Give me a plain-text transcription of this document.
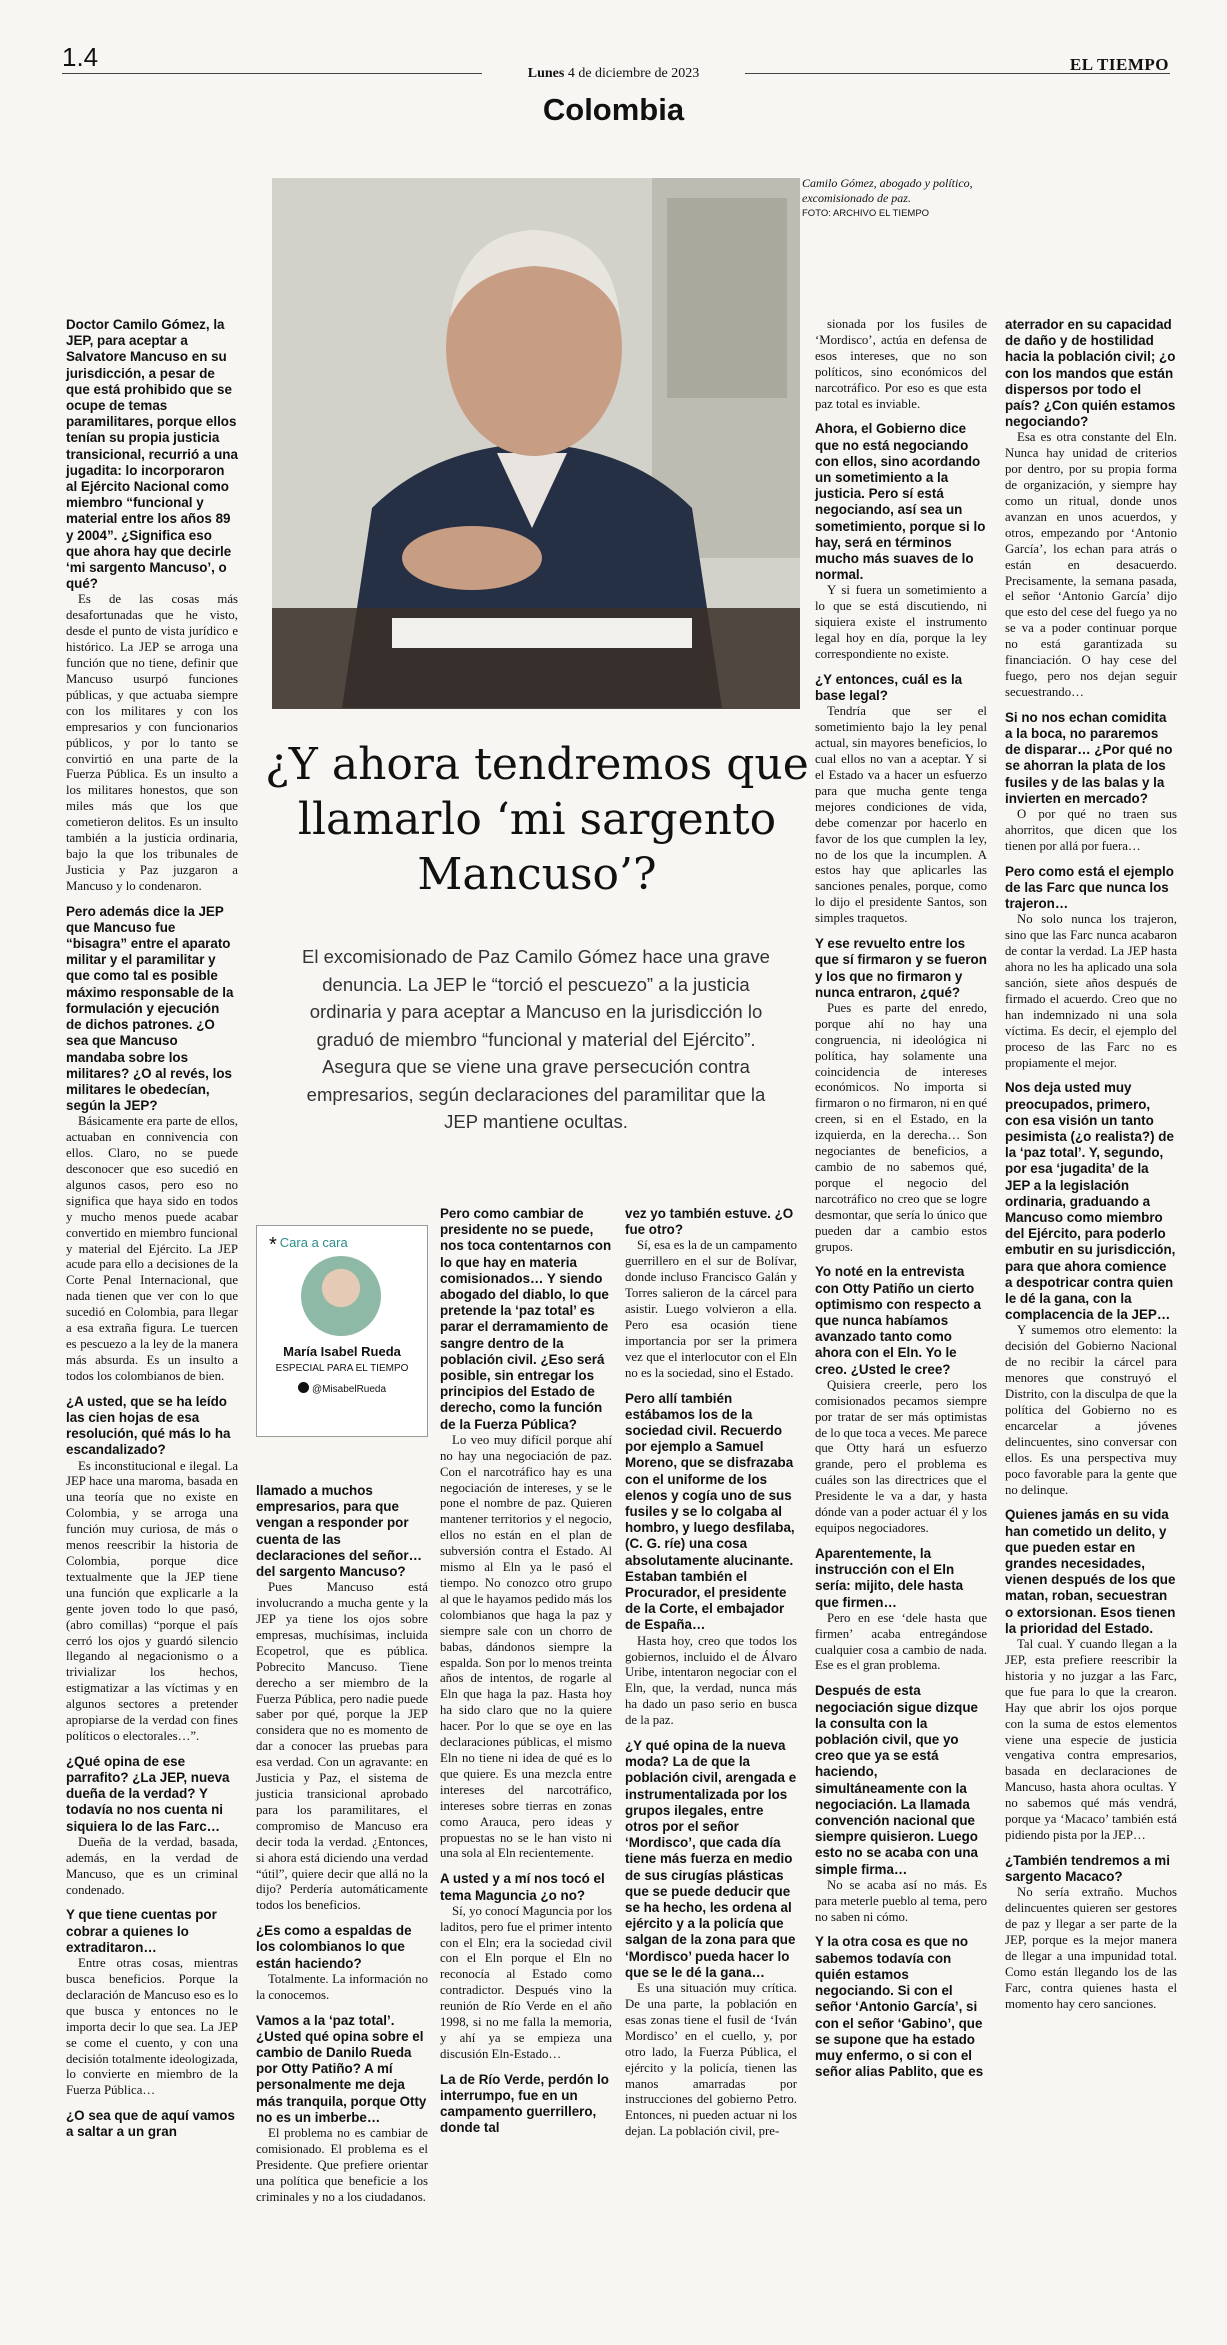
1.4
Lunes 4 de diciembre de 2023	EL TIEMPO
Colombia
Camilo Gómez, abogado y político, excomisionado de paz.
FOTO: ARCHIVO EL TIEMPO
¿Y ahora tendremos que llamarlo ‘mi sargento Mancuso’?
El excomisionado de Paz Camilo Gómez hace una grave denuncia. La JEP le “torció el pescuezo” a la justicia ordinaria y para aceptar a Mancuso en la jurisdicción lo graduó de miembro “funcional y material del Ejército”. Asegura que se viene una grave persecución contra empresarios, según declaraciones del paramilitar que la JEP mantiene ocultas.
* Cara a cara
María Isabel Rueda
ESPECIAL PARA EL TIEMPO
@MisabelRueda

Doctor Camilo Gómez, la JEP, para aceptar a Salvatore Mancuso en su jurisdicción, a pesar de que está prohibido que se ocupe de temas paramilitares, porque ellos tenían su propia justicia transicional, recurrió a una jugadita: lo incorporaron al Ejército Nacional como miembro “funcional y material entre los años 89 y 2004”. ¿Significa eso que ahora hay que decirle ‘mi sargento Mancuso’, o qué?

Es de las cosas más desafortunadas que he visto, desde el punto de vista jurídico e histórico. La JEP se arroga una función que no tiene, definir que Mancuso usurpó funciones públicas, y que actuaba siempre con los militares y con los empresarios y con funcionarios públicos, y por lo tanto se convirtió en una parte de la Fuerza Pública. Es un insulto a los militares honestos, que son miles más que los que cometieron delitos. Es un insulto también a la justicia ordinaria, bajo la que los tribunales de Justicia y Paz juzgaron a Mancuso y lo condenaron.

Pero además dice la JEP que Mancuso fue “bisagra” entre el aparato militar y el paramilitar y que como tal es posible máximo responsable de la formulación y ejecución de dichos patrones. ¿O sea que Mancuso mandaba sobre los militares? ¿O al revés, los militares le obedecían, según la JEP?

Básicamente era parte de ellos, actuaban en connivencia con ellos. Claro, no se puede desconocer que eso sucedió en algunos casos, pero eso no significa que haya sido en todos y mucho menos puede acabar convertido en miembro funcional y material del Ejército. La JEP acude para ello a decisiones de la Corte Penal Internacional, que nada tienen que ver con lo que sucedió en Colombia, para llegar a esa extraña figura. Le tuercen es pescuezo a la ley de la manera más absurda. Es un insulto a todos los colombianos de bien.

¿A usted, que se ha leído las cien hojas de esa resolución, qué más lo ha escandalizado?

Es inconstitucional e ilegal. La JEP hace una maroma, basada en una teoría que no existe en Colombia, y se arroga una función muy curiosa, de más o menos reescribir la historia de Colombia, porque dice textualmente que la JEP tiene una función que explicarle a la gente joven todo lo que pasó, (abro comillas) “porque el país cerró los ojos y guardó silencio llegando al negacionismo o a trivializar los hechos, estigmatizar a las víctimas y en algunos sectores a pretender apropiarse de la verdad con fines políticos o electorales…”.

¿Qué opina de ese parrafito? ¿La JEP, nueva dueña de la verdad? Y todavía no nos cuenta ni siquiera lo de las Farc…

Dueña de la verdad, basada, además, en la verdad de Mancuso, que es un criminal condenado.

Y que tiene cuentas por cobrar a quienes lo extraditaron…

Entre otras cosas, mientras busca beneficios. Porque la declaración de Mancuso eso es lo que busca y entonces no le importa decir lo que sea. La JEP se come el cuento, y con una decisión totalmente ideologizada, lo convierte en miembro de la Fuerza Pública…

¿O sea que de aquí vamos a saltar a un gran

llamado a muchos empresarios, para que vengan a responder por cuenta de las declaraciones del señor… del sargento Mancuso?

Pues Mancuso está involucrando a mucha gente y la JEP ya tiene los ojos sobre empresas, muchísimas, incluida Ecopetrol, que es pública. Pobrecito Mancuso. Tiene derecho a ser miembro de la Fuerza Pública, pero nadie puede saber por qué, porque la JEP considera que no es momento de dar a conocer las pruebas para esa verdad. Con un agravante: en Justicia y Paz, el sistema de justicia transicional aprobado para los paramilitares, el compromiso de Mancuso era decir toda la verdad. ¿Entonces, si ahora está diciendo una verdad “útil”, quiere decir que allá no la dijo? Perdería automáticamente todos los beneficios.

¿Es como a espaldas de los colombianos lo que están haciendo?

Totalmente. La información no la conocemos.

Vamos a la ‘paz total’. ¿Usted qué opina sobre el cambio de Danilo Rueda por Otty Patiño? A mí personalmente me deja más tranquila, porque Otty no es un imberbe…

El problema no es cambiar de comisionado. El problema es el Presidente. Que prefiere orientar una política que beneficie a los criminales y no a los ciudadanos.

Pero como cambiar de presidente no se puede, nos toca contentarnos con lo que hay en materia comisionados… Y siendo abogado del diablo, lo que pretende la ‘paz total’ es parar el derramamiento de sangre dentro de la población civil. ¿Eso será posible, sin entregar los principios del Estado de derecho, como la función de la Fuerza Pública?

Lo veo muy difícil porque ahí no hay una negociación de paz. Con el narcotráfico hay es una negociación de intereses, y se le pone el nombre de paz. Quieren mantener territorios y el negocio, ellos no están en el plan de subversión contra el Estado. Al mismo al Eln ya le pasó el tiempo. No conozco otro grupo al que le hayamos pedido más los colombianos que haga la paz y siempre sale con un chorro de babas, dándonos siempre la espalda. Son por lo menos treinta años de intentos, de rogarle al Eln que haga la paz. Hasta hoy ha sido claro que no la quiere hacer. Por lo que se oye en las declaraciones públicas, el mismo Eln no tiene ni idea de qué es lo que quiere. Es una mezcla entre intereses del narcotráfico, intereses sobre tierras en zonas como Arauca, pero ideas y propuestas no se le han visto ni una sola al Eln recientemente.

A usted y a mí nos tocó el tema Maguncia ¿o no?

Sí, yo conocí Maguncia por los laditos, pero fue el primer intento con el Eln; era la sociedad civil con el Eln porque el Eln no reconocía al Estado como contradictor. Después vino la reunión de Río Verde en el año 1998, si no me falla la memoria, y ahí ya se empieza una discusión Eln-Estado…

La de Río Verde, perdón lo interrumpo, fue en un campamento guerrillero, donde tal

vez yo también estuve. ¿O fue otro?

Sí, esa es la de un campamento guerrillero en el sur de Bolívar, donde incluso Francisco Galán y Torres salieron de la cárcel para asistir. Luego volvieron a ella. Pero esa ocasión tiene importancia por ser la primera vez que el interlocutor con el Eln no es la sociedad, sino el Estado.

Pero allí también estábamos los de la sociedad civil. Recuerdo por ejemplo a Samuel Moreno, que se disfrazaba con el uniforme de los elenos y cogía uno de sus fusiles y se lo colgaba al hombro, y luego desfilaba, (C. G. ríe) una cosa absolutamente alucinante. Estaban también el Procurador, el presidente de la Corte, el embajador de España…

Hasta hoy, creo que todos los gobiernos, incluido el de Álvaro Uribe, intentaron negociar con el Eln, que, la verdad, nunca más ha dado un paso serio en busca de la paz.

¿Y qué opina de la nueva moda? La de que la población civil, arengada e instrumentalizada por los grupos ilegales, entre otros por el señor ‘Mordisco’, que cada día tiene más fuerza en medio de sus cirugías plásticas que se puede deducir que se ha hecho, les ordena al ejército y a la policía que salgan de la zona para que ‘Mordisco’ pueda hacer lo que se le dé la gana…

Es una situación muy crítica. De una parte, la población en esas zonas tiene el fusil de ‘Iván Mordisco’ en el cuello, y, por otro lado, la Fuerza Pública, el ejército y la policía, tienen las manos amarradas por instrucciones del gobierno Petro. Entonces, ni pueden actuar ni los dejan. La población civil, pre-

sionada por los fusiles de ‘Mordisco’, actúa en defensa de esos intereses, que no son políticos, sino económicos del narcotráfico. Por eso es que esta paz total es inviable.

Ahora, el Gobierno dice que no está negociando con ellos, sino acordando un sometimiento a la justicia. Pero sí está negociando, así sea un sometimiento, porque si lo hay, será en términos mucho más suaves de lo normal.

Y si fuera un sometimiento a lo que se está discutiendo, ni siquiera existe el instrumento legal hoy en día, porque la ley correspondiente no existe.

¿Y entonces, cuál es la base legal?

Tendría que ser el sometimiento bajo la ley penal actual, sin mayores beneficios, lo cual ellos no van a aceptar. Y si el Estado va a hacer un esfuerzo para que mucha gente tenga mejores condiciones de vida, debe comenzar por hacerlo en favor de los que cumplen la ley, no de los que la incumplen. A estos hay que aplicarles las sanciones penales, porque, como lo dijo el presidente Santos, son simples traquetos.

Y ese revuelto entre los que sí firmaron y se fueron y los que no firmaron y nunca entraron, ¿qué?

Pues es parte del enredo, porque ahí no hay una congruencia, ni ideológica ni política, hay solamente una coincidencia de intereses económicos. No importa si firmaron o no firmaron, ni en qué creen, si en el Estado, en la izquierda, en la derecha… Son negociantes de beneficios, a cambio de no sabemos qué, porque el negocio del narcotráfico no creo que se logre desmontar, que sería lo único que pueden dar a cambio estos grupos.

Yo noté en la entrevista con Otty Patiño un cierto optimismo con respecto a que nunca habíamos avanzado tanto como ahora con el Eln. Yo le creo. ¿Usted le cree?

Quisiera creerle, pero los comisionados pecamos siempre por tratar de ser más optimistas de lo que toca a veces. Me parece que Otty hará un esfuerzo grande, pero el problema es cuáles son las directrices que el Presidente le va a dar, y hasta dónde van a poder actuar él y los equipos negociadores.

Aparentemente, la instrucción con el Eln sería: mijito, dele hasta que firmen…

Pero en ese ‘dele hasta que firmen’ acaba entregándose cualquier cosa a cambio de nada. Ese es el gran problema.

Después de esta negociación sigue dizque la consulta con la población civil, que yo creo que ya se está haciendo, simultáneamente con la negociación. La llamada convención nacional que siempre quisieron. Luego esto no se acaba con una simple firma…

No se acaba así no más. Es para meterle pueblo al tema, pero no saben ni cómo.

Y la otra cosa es que no sabemos todavía con quién estamos negociando. Si con el señor ‘Antonio García’, si con el señor ‘Gabino’, que se supone que ha estado muy enfermo, o si con el señor alias Pablito, que es

aterrador en su capacidad de daño y de hostilidad hacia la población civil; ¿o con los mandos que están dispersos por todo el país? ¿Con quién estamos negociando?

Esa es otra constante del Eln. Nunca hay unidad de criterios por dentro, por su propia forma de organización, y siempre hay como un ritual, donde unos avanzan en unos acuerdos, y otros, empezando por ‘Antonio García’, los echan para atrás o están en desacuerdo. Precisamente, la semana pasada, el señor ‘Antonio García’ dijo que esto del cese del fuego ya no se va a poder continuar porque no está garantizada su financiación. O hay cese del fuego, pero nos dejan seguir secuestrando…

Si no nos echan comidita a la boca, no pararemos de disparar… ¿Por qué no se ahorran la plata de los fusiles y de las balas y la invierten en mercado?

O por qué no traen sus ahorritos, que dicen que los tienen por allá por fuera…

Pero como está el ejemplo de las Farc que nunca los trajeron…

No solo nunca los trajeron, sino que las Farc nunca acabaron de contar la verdad. La JEP hasta ahora no les ha aplicado una sola sanción, siete años después de firmado el acuerdo. Creo que no han indemnizado ni una sola víctima. Es decir, el ejemplo del proceso de las Farc no es propiamente el mejor.

Nos deja usted muy preocupados, primero, con esa visión un tanto pesimista (¿o realista?) de la ‘paz total’. Y, segundo, por esa ‘jugadita’ de la JEP a la legislación ordinaria, graduando a Mancuso como miembro del Ejército, para poderlo embutir en su jurisdicción, para que ahora comience a despotricar contra quien le dé la gana, con la complacencia de la JEP…

Y sumemos otro elemento: la decisión del Gobierno Nacional de no recibir la cárcel para menores que construyó el Distrito, con la disculpa de que la política del Gobierno no es encarcelar a jóvenes delincuentes, sino conversar con ellos. Es una perspectiva muy poco favorable para la gente que no delinque.

Quienes jamás en su vida han cometido un delito, y que pueden estar en grandes necesidades, vienen después de los que matan, roban, secuestran o extorsionan. Esos tienen la prioridad del Estado.

Tal cual. Y cuando llegan a la JEP, esta prefiere reescribir la historia y no juzgar a las Farc, que fue para lo que la crearon. Hay que abrir los ojos porque con la suma de estos elementos viene una especie de justicia vengativa contra empresarios, basada en declaraciones de Mancuso, hasta ahora ocultas. Y no sabemos qué más vendrá, porque ya ‘Macaco’ también está pidiendo pista por la JEP…

¿También tendremos a mi sargento Macaco?

No sería extraño. Muchos delincuentes quieren ser gestores de paz y llegar a ser parte de la JEP, porque es la mejor manera de llegar a una impunidad total. Como están llegando los de las Farc, contra quienes hasta el momento hay cero sanciones.
